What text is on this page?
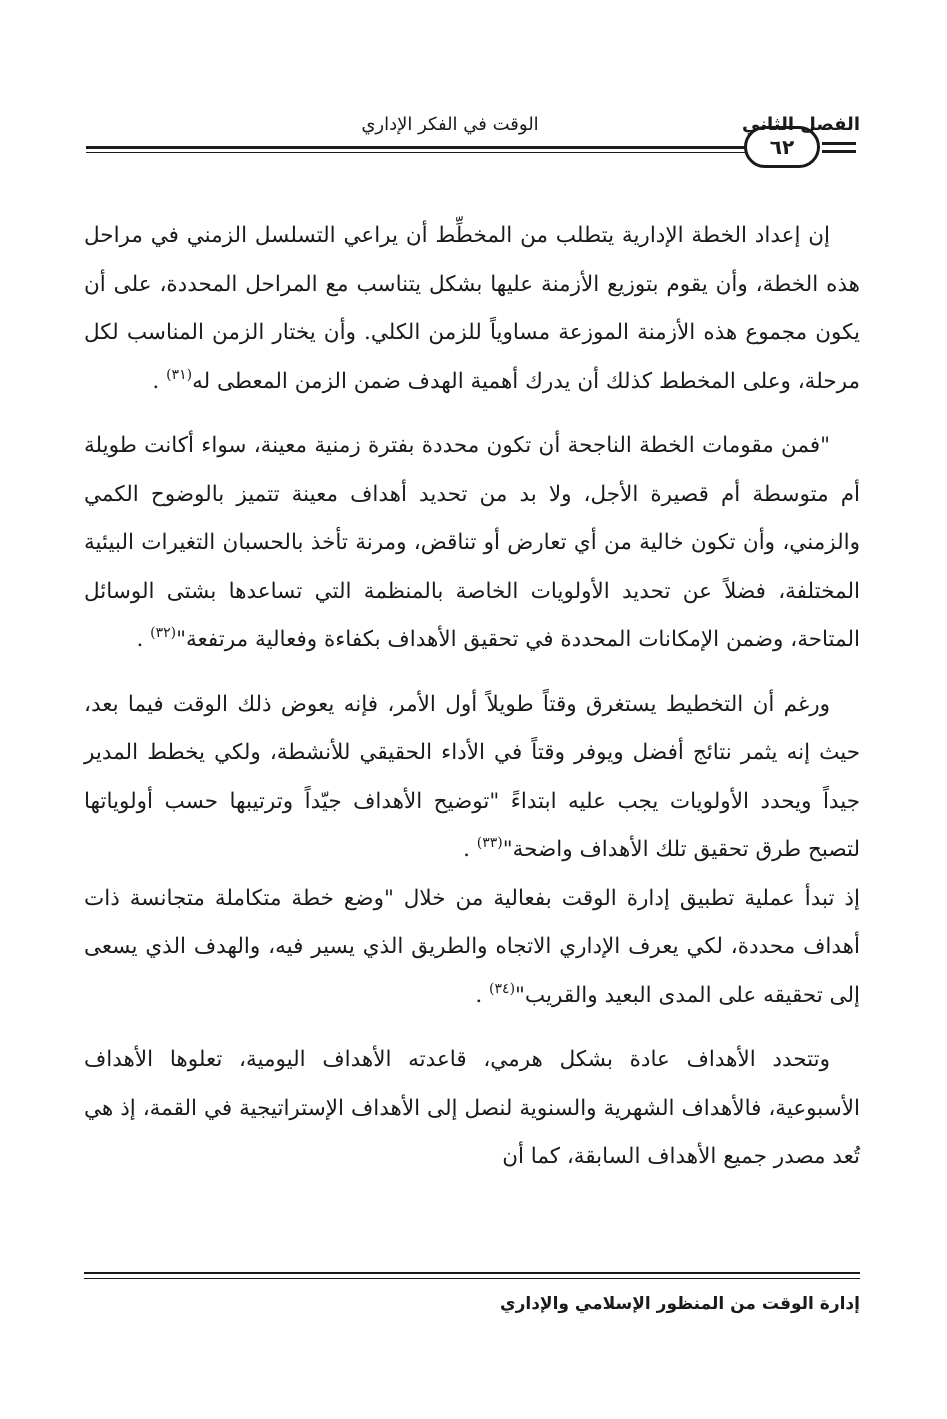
الفصل الثاني
الوقت في الفكر الإداري
٦٢

إن إعداد الخطة الإدارية يتطلب من المخطِّط أن يراعي التسلسل الزمني في مراحل هذه الخطة، وأن يقوم بتوزيع الأزمنة عليها بشكل يتناسب مع المراحل المحددة، على أن يكون مجموع هذه الأزمنة الموزعة مساوياً للزمن الكلي. وأن يختار الزمن المناسب لكل مرحلة، وعلى المخطط كذلك أن يدرك أهمية الهدف ضمن الزمن المعطى له$^{(٣١)}$ .

"فمن مقومات الخطة الناجحة أن تكون محددة بفترة زمنية معينة، سواء أكانت طويلة أم متوسطة أم قصيرة الأجل، ولا بد من تحديد أهداف معينة تتميز بالوضوح الكمي والزمني، وأن تكون خالية من أي تعارض أو تناقض، ومرنة تأخذ بالحسبان التغيرات البيئية المختلفة، فضلاً عن تحديد الأولويات الخاصة بالمنظمة التي تساعدها بشتى الوسائل المتاحة، وضمن الإمكانات المحددة في تحقيق الأهداف بكفاءة وفعالية مرتفعة"$^{(٣٢)}$ .

ورغم أن التخطيط يستغرق وقتاً طويلاً أول الأمر، فإنه يعوض ذلك الوقت فيما بعد، حيث إنه يثمر نتائج أفضل ويوفر وقتاً في الأداء الحقيقي للأنشطة، ولكي يخطط المدير جيداً ويحدد الأولويات يجب عليه ابتداءً "توضيح الأهداف جيّداً وترتيبها حسب أولوياتها لتصبح طرق تحقيق تلك الأهداف واضحة"$^{(٣٣)}$ .

إذ تبدأ عملية تطبيق إدارة الوقت بفعالية من خلال "وضع خطة متكاملة متجانسة ذات أهداف محددة، لكي يعرف الإداري الاتجاه والطريق الذي يسير فيه، والهدف الذي يسعى إلى تحقيقه على المدى البعيد والقريب"$^{(٣٤)}$ .

وتتحدد الأهداف عادة بشكل هرمي، قاعدته الأهداف اليومية، تعلوها الأهداف الأسبوعية، فالأهداف الشهرية والسنوية لنصل إلى الأهداف الإستراتيجية في القمة، إذ هي تُعد مصدر جميع الأهداف السابقة، كما أن

إدارة الوقت من المنظور الإسلامي والإداري
